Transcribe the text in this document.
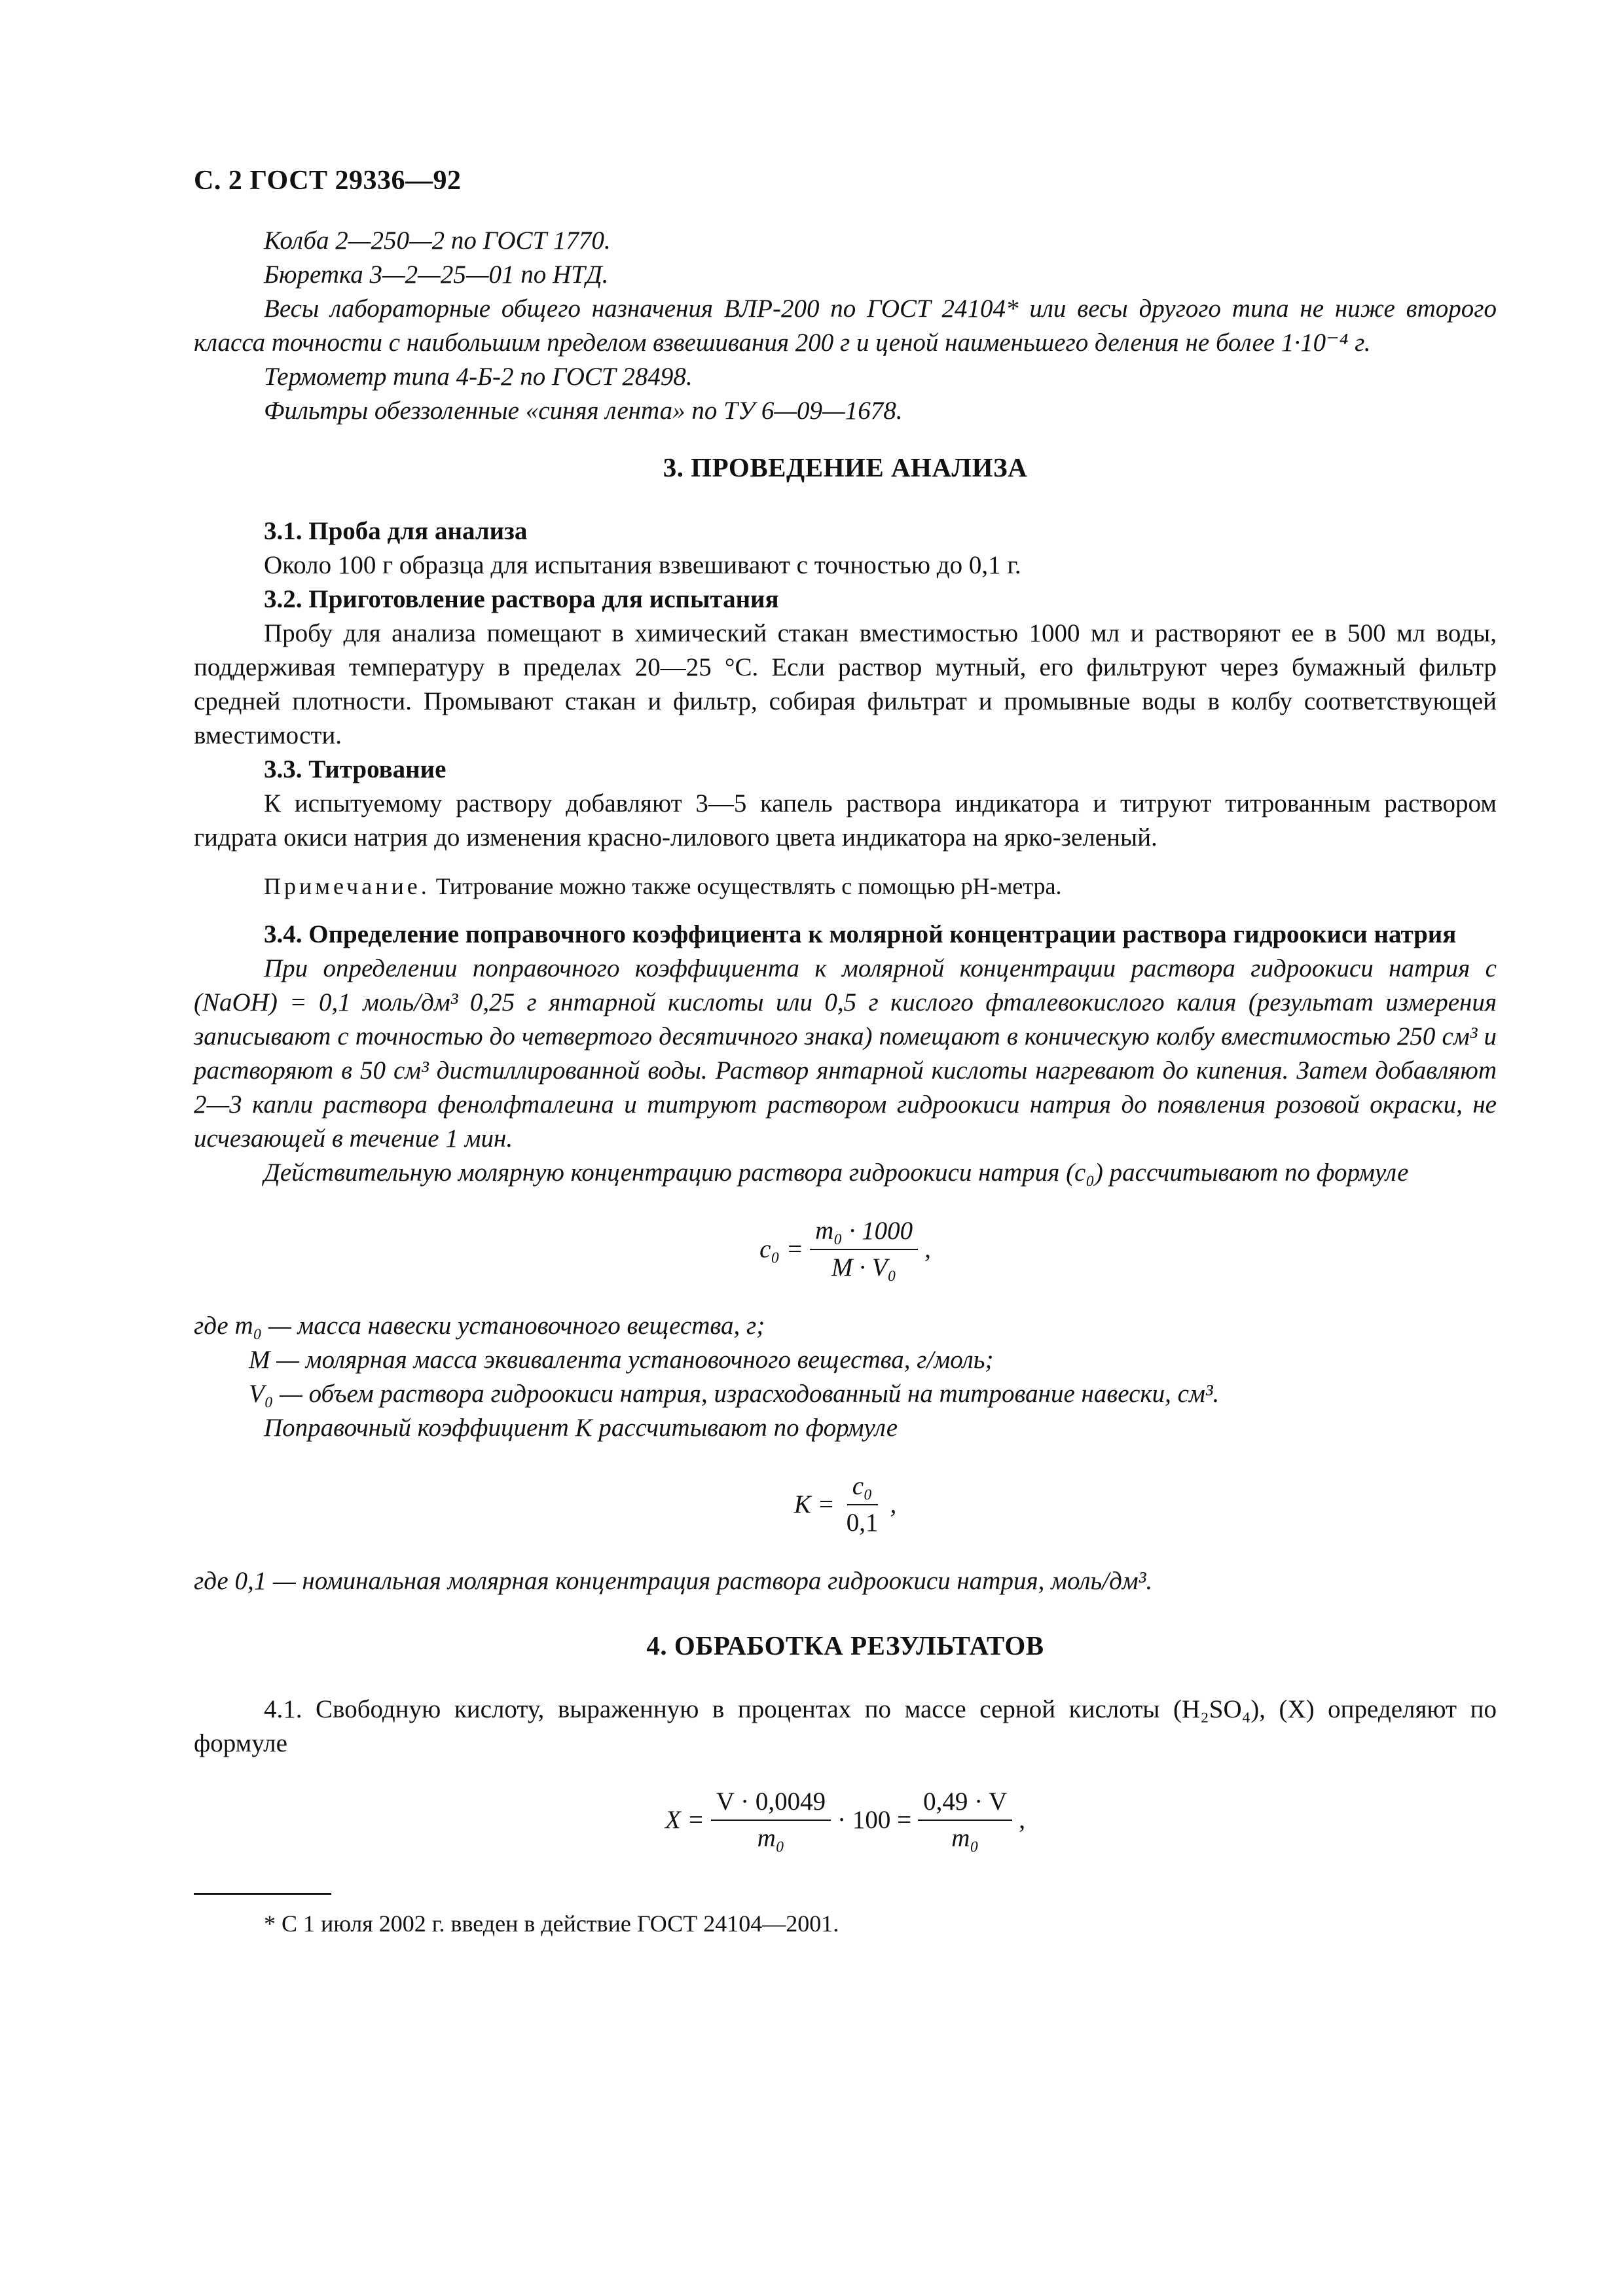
С. 2 ГОСТ 29336—92

Колба 2—250—2 по ГОСТ 1770.

Бюретка 3—2—25—01 по НТД.

Весы лабораторные общего назначения ВЛР-200 по ГОСТ 24104* или весы другого типа не ниже второго класса точности с наибольшим пределом взвешивания 200 г и ценой наименьшего деления не более 1·10⁻⁴ г.

Термометр типа 4-Б-2 по ГОСТ 28498.

Фильтры обеззоленные «синяя лента» по ТУ 6—09—1678.

3. ПРОВЕДЕНИЕ АНАЛИЗА

3.1. Проба для анализа

Около 100 г образца для испытания взвешивают с точностью до 0,1 г.

3.2. Приготовление раствора для испытания

Пробу для анализа помещают в химический стакан вместимостью 1000 мл и растворяют ее в 500 мл воды, поддерживая температуру в пределах 20—25 °С. Если раствор мутный, его фильтруют через бумажный фильтр средней плотности. Промывают стакан и фильтр, собирая фильтрат и промывные воды в колбу соответствующей вместимости.

3.3. Титрование

К испытуемому раствору добавляют 3—5 капель раствора индикатора и титруют титрованным раствором гидрата окиси натрия до изменения красно-лилового цвета индикатора на ярко-зеленый.

Примечание. Титрование можно также осуществлять с помощью рН-метра.

3.4. Определение поправочного коэффициента к молярной концентрации раствора гидроокиси натрия

При определении поправочного коэффициента к молярной концентрации раствора гидроокиси натрия с (NaOH) = 0,1 моль/дм³ 0,25 г янтарной кислоты или 0,5 г кислого фталевокислого калия (результат измерения записывают с точностью до четвертого десятичного знака) помещают в коническую колбу вместимостью 250 см³ и растворяют в 50 см³ дистиллированной воды. Раствор янтарной кислоты нагревают до кипения. Затем добавляют 2—3 капли раствора фенолфталеина и титруют раствором гидроокиси натрия до появления розовой окраски, не исчезающей в течение 1 мин.

Действительную молярную концентрацию раствора гидроокиси натрия (c₀) рассчитывают по формуле

$c_0 = \frac{\text{m₀ · 1000}}{\text{M · V₀}}$ ,
где m₀
— масса навески установочного вещества, г;
M
— молярная масса эквивалента установочного вещества, г/моль;
V₀
— объем раствора гидроокиси натрия, израсходованный на титрование навески, см³.

Поправочный коэффициент K рассчитывают по формуле

$K = \frac{\text{c₀}}{0,1}$ ,

где 0,1 — номинальная молярная концентрация раствора гидроокиси натрия, моль/дм³.

4. ОБРАБОТКА РЕЗУЛЬТАТОВ

4.1. Свободную кислоту, выраженную в процентах по массе серной кислоты (H₂SO₄), (X) определяют по формуле

$X = \frac{V \cdot 0,0049}{\text{m₀}} \cdot 100 = \frac{0,49 \cdot V}{\text{m₀}}$ ,

* С 1 июля 2002 г. введен в действие ГОСТ 24104—2001.
